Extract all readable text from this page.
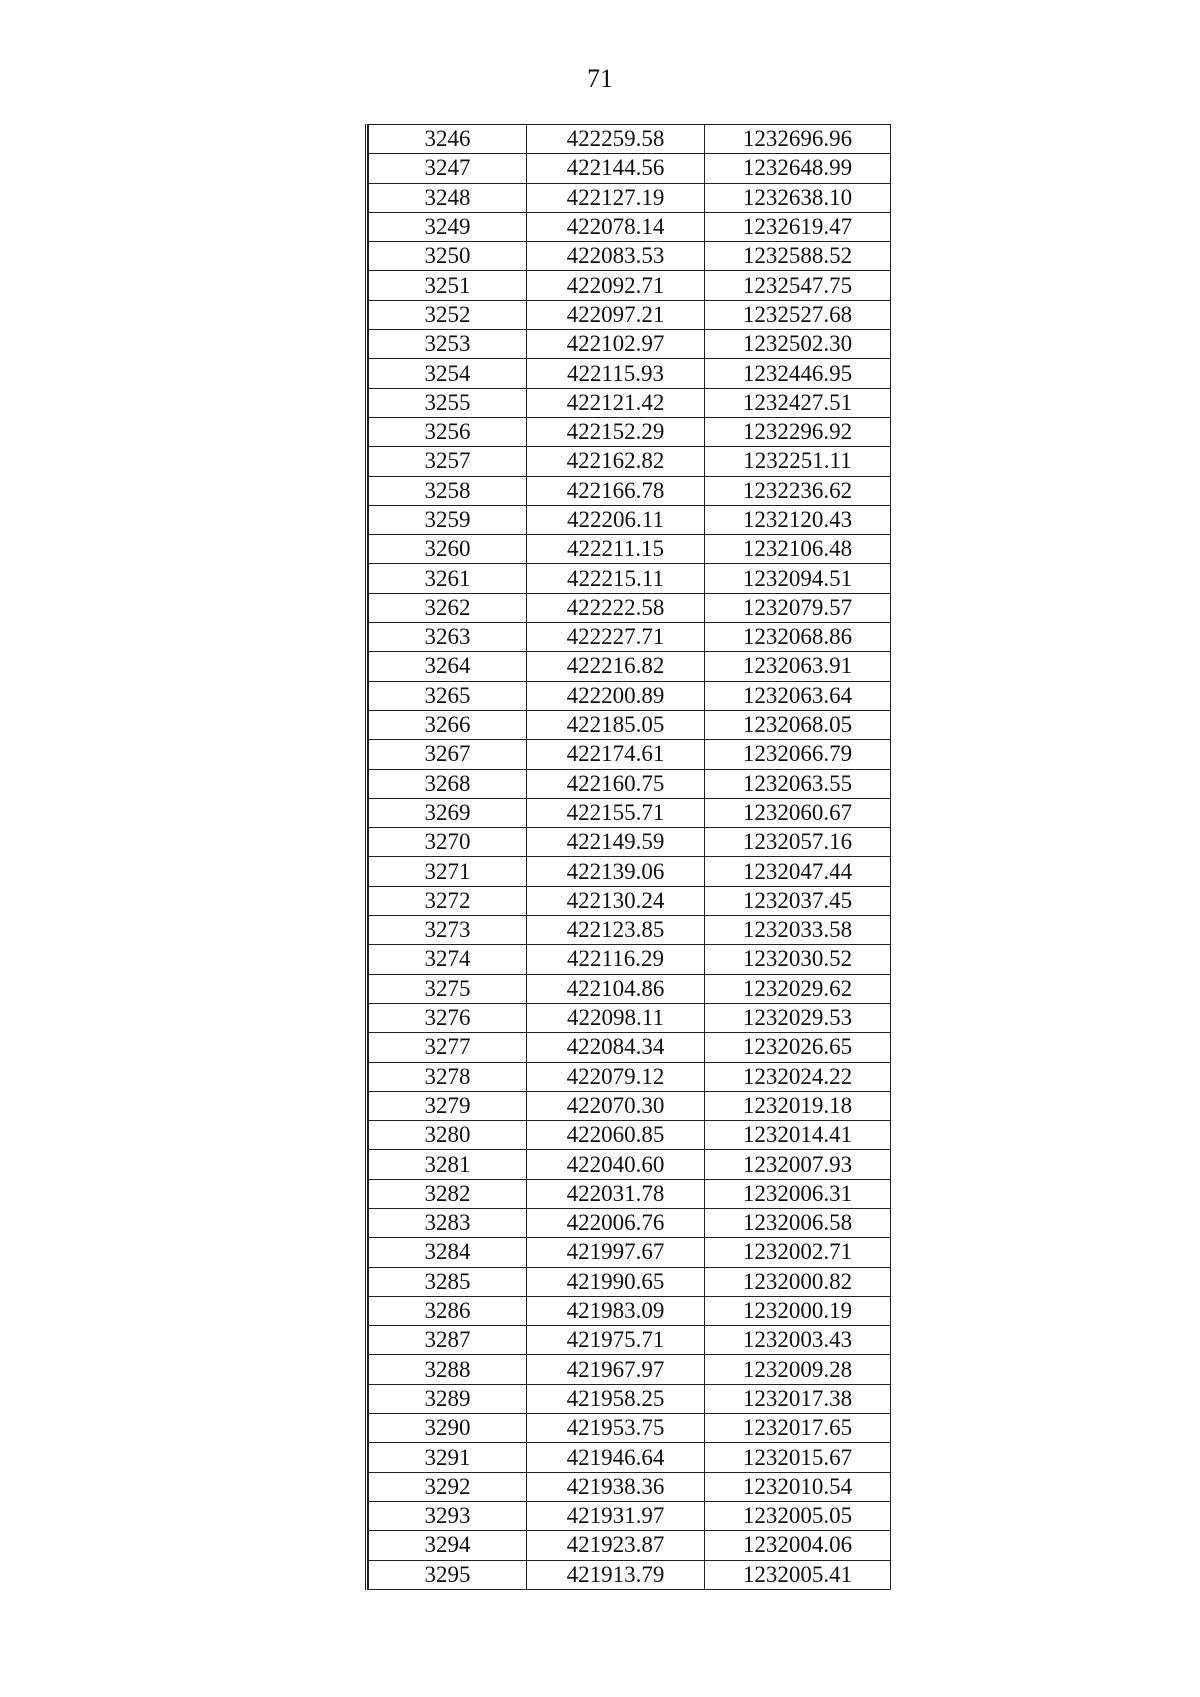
71
3246	422259.58	1232696.96
3247	422144.56	1232648.99
3248	422127.19	1232638.10
3249	422078.14	1232619.47
3250	422083.53	1232588.52
3251	422092.71	1232547.75
3252	422097.21	1232527.68
3253	422102.97	1232502.30
3254	422115.93	1232446.95
3255	422121.42	1232427.51
3256	422152.29	1232296.92
3257	422162.82	1232251.11
3258	422166.78	1232236.62
3259	422206.11	1232120.43
3260	422211.15	1232106.48
3261	422215.11	1232094.51
3262	422222.58	1232079.57
3263	422227.71	1232068.86
3264	422216.82	1232063.91
3265	422200.89	1232063.64
3266	422185.05	1232068.05
3267	422174.61	1232066.79
3268	422160.75	1232063.55
3269	422155.71	1232060.67
3270	422149.59	1232057.16
3271	422139.06	1232047.44
3272	422130.24	1232037.45
3273	422123.85	1232033.58
3274	422116.29	1232030.52
3275	422104.86	1232029.62
3276	422098.11	1232029.53
3277	422084.34	1232026.65
3278	422079.12	1232024.22
3279	422070.30	1232019.18
3280	422060.85	1232014.41
3281	422040.60	1232007.93
3282	422031.78	1232006.31
3283	422006.76	1232006.58
3284	421997.67	1232002.71
3285	421990.65	1232000.82
3286	421983.09	1232000.19
3287	421975.71	1232003.43
3288	421967.97	1232009.28
3289	421958.25	1232017.38
3290	421953.75	1232017.65
3291	421946.64	1232015.67
3292	421938.36	1232010.54
3293	421931.97	1232005.05
3294	421923.87	1232004.06
3295	421913.79	1232005.41
